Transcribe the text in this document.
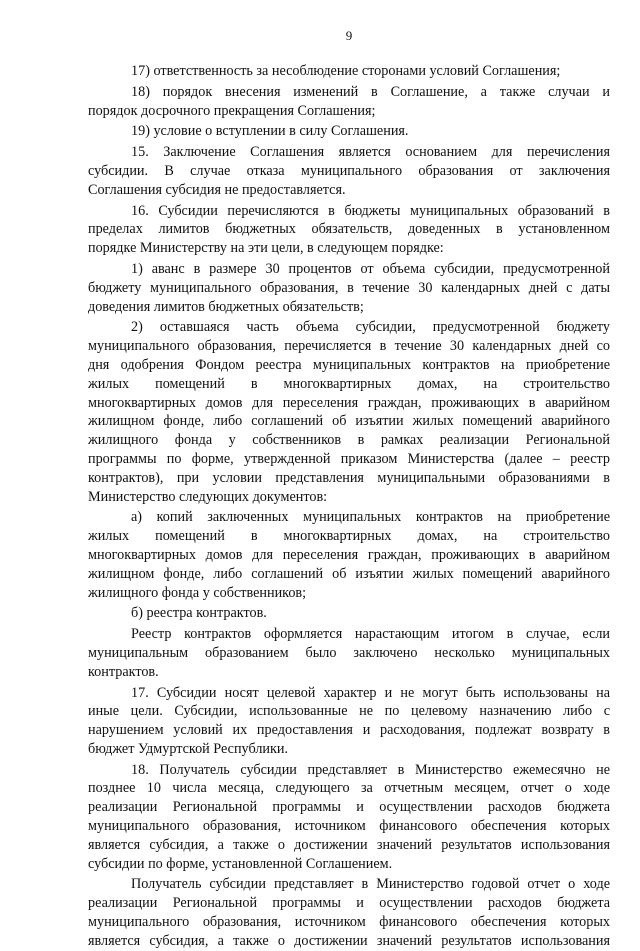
9
17) ответственность за несоблюдение сторонами условий Соглашения;
18) порядок внесения изменений в Соглашение, а также случаи и
порядок досрочного прекращения Соглашения;
19) условие о вступлении в силу Соглашения.
15. Заключение Соглашения является основанием для перечисления
субсидии. В случае отказа муниципального образования от заключения
Соглашения субсидия не предоставляется.
16. Субсидии перечисляются в бюджеты муниципальных образований в
пределах лимитов бюджетных обязательств, доведенных в установленном
порядке Министерству на эти цели, в следующем порядке:
1) аванс в размере 30 процентов от объема субсидии, предусмотренной
бюджету муниципального образования, в течение 30 календарных дней с даты
доведения лимитов бюджетных обязательств;
2) оставшаяся часть объема субсидии, предусмотренной бюджету
муниципального образования, перечисляется в течение 30 календарных дней со
дня одобрения Фондом реестра муниципальных контрактов на приобретение
жилых помещений в многоквартирных домах, на строительство
многоквартирных домов для переселения граждан, проживающих в аварийном
жилищном фонде, либо соглашений об изъятии жилых помещений аварийного
жилищного фонда у собственников в рамках реализации Региональной
программы по форме, утвержденной приказом Министерства (далее – реестр
контрактов), при условии представления муниципальными образованиями в
Министерство следующих документов:
а) копий заключенных муниципальных контрактов на приобретение
жилых помещений в многоквартирных домах, на строительство
многоквартирных домов для переселения граждан, проживающих в аварийном
жилищном фонде, либо соглашений об изъятии жилых помещений аварийного
жилищного фонда у собственников;
б) реестра контрактов.
Реестр контрактов оформляется нарастающим итогом в случае, если
муниципальным образованием было заключено несколько муниципальных
контрактов.
17. Субсидии носят целевой характер и не могут быть использованы на
иные цели. Субсидии, использованные не по целевому назначению либо с
нарушением условий их предоставления и расходования, подлежат возврату в
бюджет Удмуртской Республики.
18. Получатель субсидии представляет в Министерство ежемесячно не
позднее 10 числа месяца, следующего за отчетным месяцем, отчет о ходе
реализации Региональной программы и осуществлении расходов бюджета
муниципального образования, источником финансового обеспечения которых
является субсидия, а также о достижении значений результатов использования
субсидии по форме, установленной Соглашением.
Получатель субсидии представляет в Министерство годовой отчет о ходе
реализации Региональной программы и осуществлении расходов бюджета
муниципального образования, источником финансового обеспечения которых
является субсидия, а также о достижении значений результатов использования
